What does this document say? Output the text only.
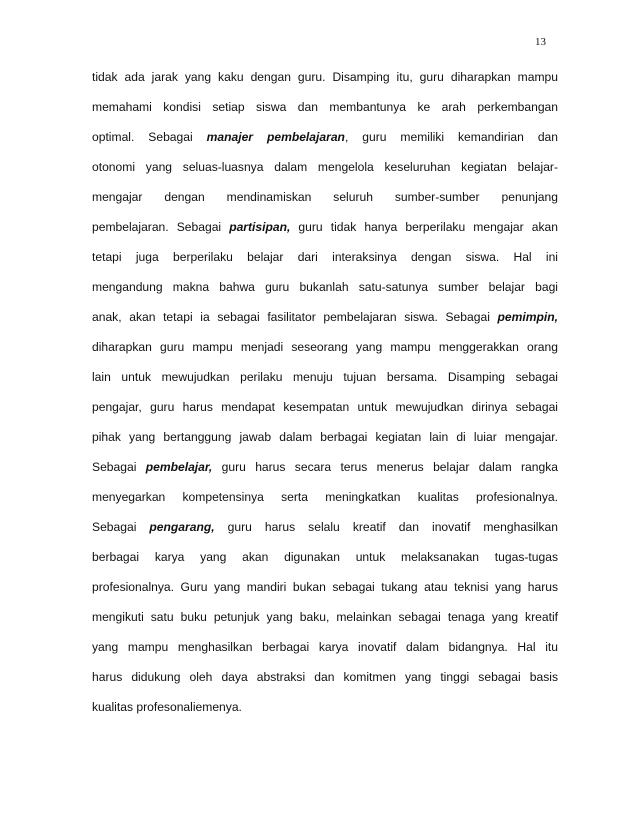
13

tidak ada jarak yang kaku dengan guru. Disamping itu, guru diharapkan mampu
memahami kondisi setiap siswa dan membantunya ke arah perkembangan
optimal. Sebagai manajer pembelajaran, guru memiliki kemandirian dan
otonomi yang seluas-luasnya dalam mengelola keseluruhan kegiatan belajar-
mengajar dengan mendinamiskan seluruh sumber-sumber penunjang
pembelajaran. Sebagai partisipan, guru tidak hanya berperilaku mengajar akan
tetapi juga berperilaku belajar dari interaksinya dengan siswa. Hal ini
mengandung makna bahwa guru bukanlah satu-satunya sumber belajar bagi
anak, akan tetapi ia sebagai fasilitator pembelajaran siswa. Sebagai pemimpin,
diharapkan guru mampu menjadi seseorang yang mampu menggerakkan orang
lain untuk mewujudkan perilaku menuju tujuan bersama. Disamping sebagai
pengajar, guru harus mendapat kesempatan untuk mewujudkan dirinya sebagai
pihak yang bertanggung jawab dalam berbagai kegiatan lain di luiar mengajar.
Sebagai pembelajar, guru harus secara terus menerus belajar dalam rangka
menyegarkan kompetensinya serta meningkatkan kualitas profesionalnya.
Sebagai pengarang, guru harus selalu kreatif dan inovatif menghasilkan
berbagai karya yang akan digunakan untuk melaksanakan tugas-tugas
profesionalnya. Guru yang mandiri bukan sebagai tukang atau teknisi yang harus
mengikuti satu buku petunjuk yang baku, melainkan sebagai tenaga yang kreatif
yang mampu menghasilkan berbagai karya inovatif dalam bidangnya. Hal itu
harus didukung oleh daya abstraksi dan komitmen yang tinggi sebagai basis
kualitas profesonaliemenya.
